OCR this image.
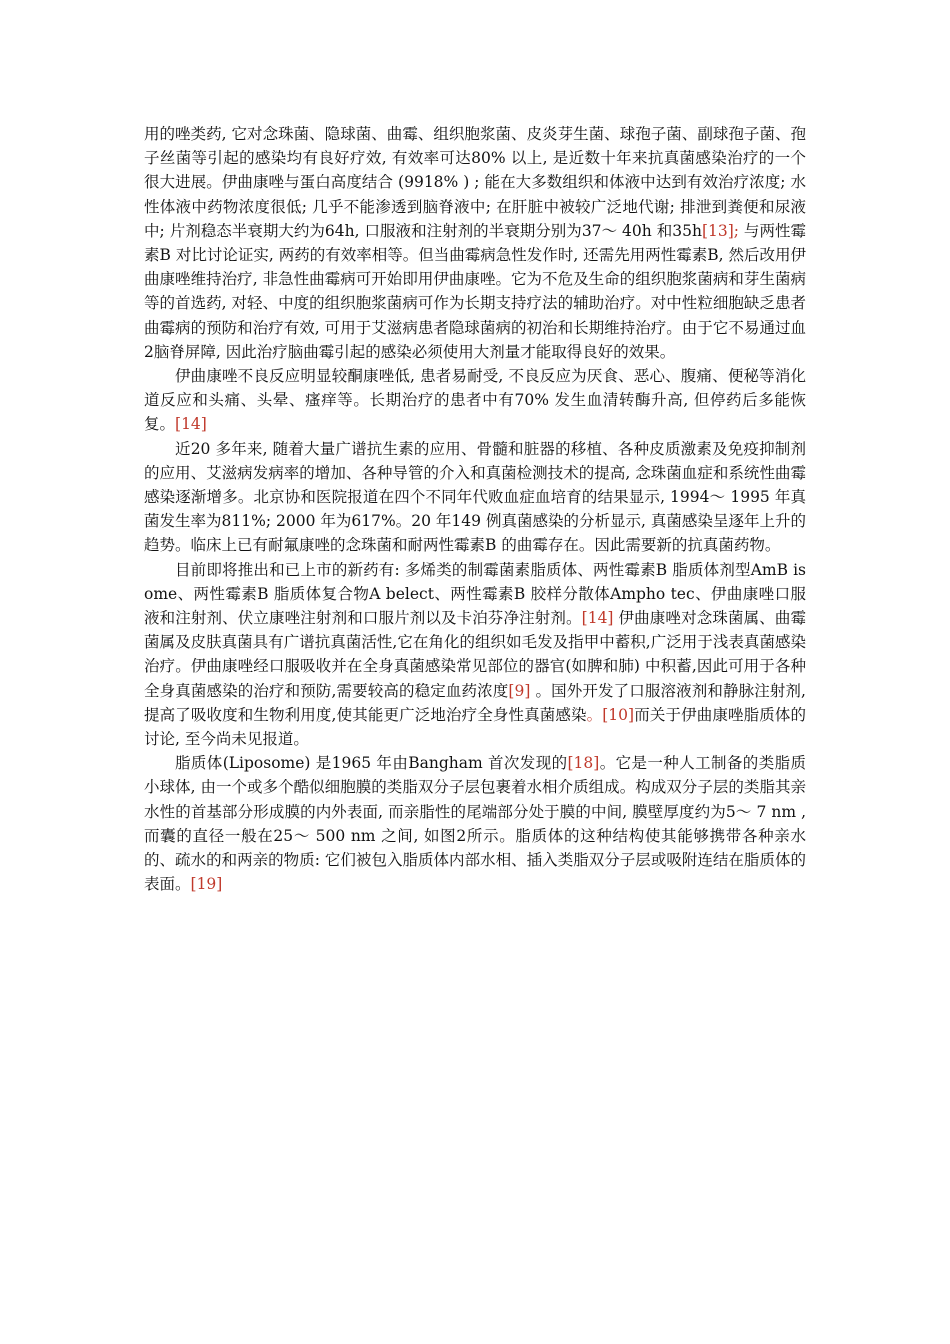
用的唑类药, 它对念珠菌、隐球菌、曲霉、组织胞浆菌、皮炎芽生菌、球孢子菌、副球孢子菌、孢子丝菌等引起的感染均有良好疗效, 有效率可达80% 以上, 是近数十年来抗真菌感染治疗的一个很大进展。伊曲康唑与蛋白高度结合 (9918% ) ; 能在大多数组织和体液中达到有效治疗浓度; 水性体液中药物浓度很低; 几乎不能渗透到脑脊液中; 在肝脏中被较广泛地代谢; 排泄到粪便和尿液中; 片剂稳态半衰期大约为64h, 口服液和注射剂的半衰期分别为37～ 40h 和35h[13]; 与两性霉素B 对比讨论证实, 两药的有效率相等。但当曲霉病急性发作时, 还需先用两性霉素B, 然后改用伊曲康唑维持治疗, 非急性曲霉病可开始即用伊曲康唑。它为不危及生命的组织胞浆菌病和芽生菌病等的首选药, 对轻、中度的组织胞浆菌病可作为长期支持疗法的辅助治疗。对中性粒细胞缺乏患者曲霉病的预防和治疗有效, 可用于艾滋病患者隐球菌病的初治和长期维持治疗。由于它不易通过血2脑脊屏障, 因此治疗脑曲霉引起的感染必须使用大剂量才能取得良好的效果。

伊曲康唑不良反应明显较酮康唑低, 患者易耐受, 不良反应为厌食、恶心、腹痛、便秘等消化道反应和头痛、头晕、瘙痒等。长期治疗的患者中有70% 发生血清转酶升高, 但停药后多能恢复。[14]

近20 多年来, 随着大量广谱抗生素的应用、骨髓和脏器的移植、各种皮质激素及免疫抑制剂的应用、艾滋病发病率的增加、各种导管的介入和真菌检测技术的提高, 念珠菌血症和系统性曲霉感染逐渐增多。北京协和医院报道在四个不同年代败血症血培育的结果显示, 1994～ 1995 年真菌发生率为811%; 2000 年为617%。20 年149 例真菌感染的分析显示, 真菌感染呈逐年上升的趋势。临床上已有耐氟康唑的念珠菌和耐两性霉素B 的曲霉存在。因此需要新的抗真菌药物。

目前即将推出和已上市的新药有: 多烯类的制霉菌素脂质体、两性霉素B 脂质体剂型AmB isome、两性霉素B 脂质体复合物A belect、两性霉素B 胶样分散体Ampho tec、伊曲康唑口服液和注射剂、伏立康唑注射剂和口服片剂以及卡泊芬净注射剂。[14] 伊曲康唑对念珠菌属、曲霉菌属及皮肤真菌具有广谱抗真菌活性,它在角化的组织如毛发及指甲中蓄积,广泛用于浅表真菌感染治疗。伊曲康唑经口服吸收并在全身真菌感染常见部位的器官(如脾和肺) 中积蓄,因此可用于各种全身真菌感染的治疗和预防,需要较高的稳定血药浓度[9] 。国外开发了口服溶液剂和静脉注射剂,提高了吸收度和生物利用度,使其能更广泛地治疗全身性真菌感染。[10]而关于伊曲康唑脂质体的讨论, 至今尚未见报道。

脂质体(Liposome) 是1965 年由Bangham 首次发现的[18]。它是一种人工制备的类脂质小球体, 由一个或多个酷似细胞膜的类脂双分子层包裹着水相介质组成。构成双分子层的类脂其亲水性的首基部分形成膜的内外表面, 而亲脂性的尾端部分处于膜的中间, 膜壁厚度约为5～ 7 nm , 而囊的直径一般在25～ 500 nm 之间, 如图2所示。脂质体的这种结构使其能够携带各种亲水的、疏水的和两亲的物质: 它们被包入脂质体内部水相、插入类脂双分子层或吸附连结在脂质体的表面。[19]
